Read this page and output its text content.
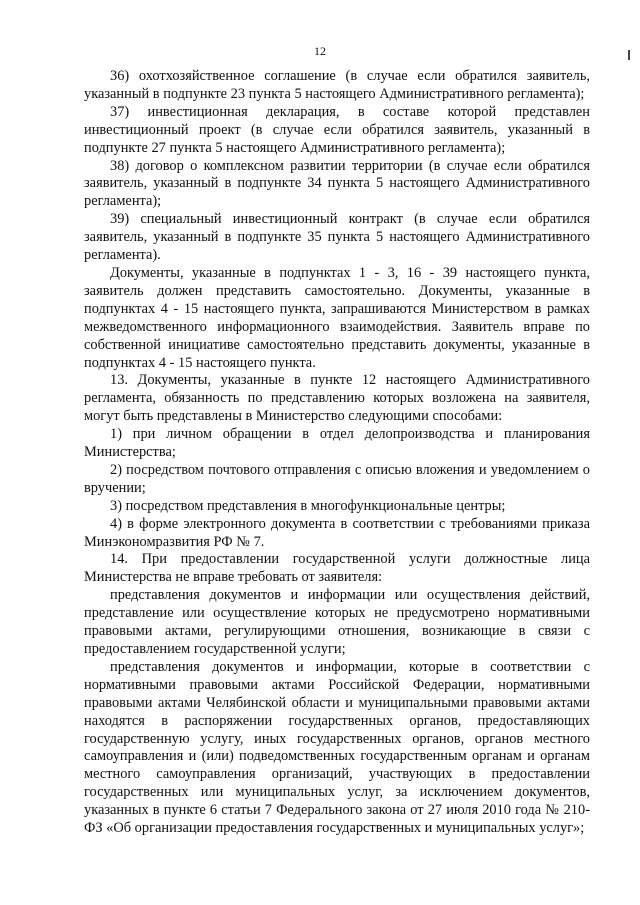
12

36) охотхозяйственное соглашение (в случае если обратился заявитель, указанный в подпункте 23 пункта 5 настоящего Административного регламента);

37) инвестиционная декларация, в составе которой представлен инвестиционный проект (в случае если обратился заявитель, указанный в подпункте 27 пункта 5 настоящего Административного регламента);

38) договор о комплексном развитии территории (в случае если обратился заявитель, указанный в подпункте 34 пункта 5 настоящего Административного регламента);

39) специальный инвестиционный контракт (в случае если обратился заявитель, указанный в подпункте 35 пункта 5 настоящего Административного регламента).

Документы, указанные в подпунктах 1 - 3, 16 - 39 настоящего пункта, заявитель должен представить самостоятельно. Документы, указанные в подпунктах 4 - 15 настоящего пункта, запрашиваются Министерством в рамках межведомственного информационного взаимодействия. Заявитель вправе по собственной инициативе самостоятельно представить документы, указанные в подпунктах 4 - 15 настоящего пункта.

13. Документы, указанные в пункте 12 настоящего Административного регламента, обязанность по представлению которых возложена на заявителя, могут быть представлены в Министерство следующими способами:

1) при личном обращении в отдел делопроизводства и планирования Министерства;

2) посредством почтового отправления с описью вложения и уведомлением о вручении;

3) посредством представления в многофункциональные центры;

4) в форме электронного документа в соответствии с требованиями приказа Минэкономразвития РФ № 7.

14. При предоставлении государственной услуги должностные лица Министерства не вправе требовать от заявителя:

представления документов и информации или осуществления действий, представление или осуществление которых не предусмотрено нормативными правовыми актами, регулирующими отношения, возникающие в связи с предоставлением государственной услуги;

представления документов и информации, которые в соответствии с нормативными правовыми актами Российской Федерации, нормативными правовыми актами Челябинской области и муниципальными правовыми актами находятся в распоряжении государственных органов, предоставляющих государственную услугу, иных государственных органов, органов местного самоуправления и (или) подведомственных государственным органам и органам местного самоуправления организаций, участвующих в предоставлении государственных или муниципальных услуг, за исключением документов, указанных в пункте 6 статьи 7 Федерального закона от 27 июля 2010 года № 210-ФЗ «Об организации предоставления государственных и муниципальных услуг»;
